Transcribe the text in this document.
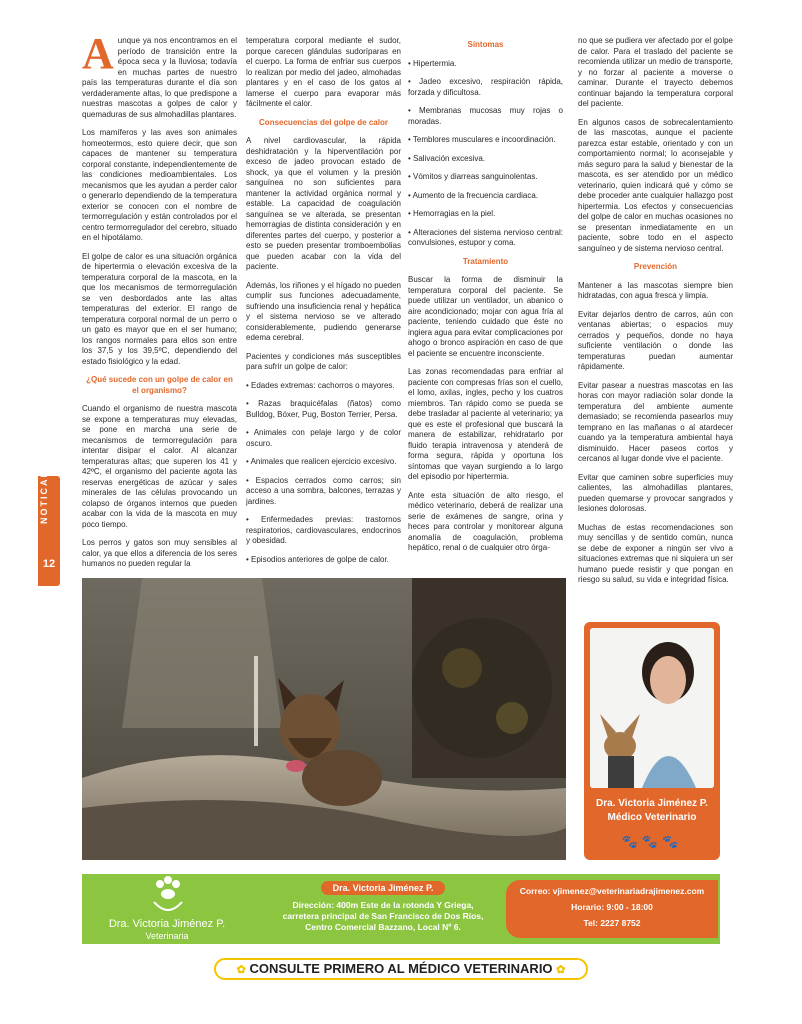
NOTICAN
12

Aunque ya nos encontramos en el período de transición entre la época seca y la lluviosa; todavía en muchas partes de nuestro país las temperaturas durante el día son verdaderamente altas, lo que predispone a nuestras mascotas a golpes de calor y quemaduras de sus almohadillas plantares.

Los mamíferos y las aves son animales homeotermos, esto quiere decir, que son capaces de mantener su temperatura corporal constante, independientemente de las condiciones medioambientales. Los mecanismos que les ayudan a perder calor o generarlo dependiendo de la temperatura exterior se conocen con el nombre de termorregulación y están controlados por el centro termorregulador del cerebro, situado en el hipotálamo.

El golpe de calor es una situación orgánica de hipertermia o elevación excesiva de la temperatura corporal de la mascota, en la que los mecanismos de termorregulación se ven desbordados ante las altas temperaturas del exterior. El rango de temperatura corporal normal de un perro o un gato es mayor que en el ser humano; los rangos normales para ellos son entre los 37,5 y los 39,5ºC, dependiendo del estado fisiológico y la edad.

¿Qué sucede con un golpe de calor en el organismo?

Cuando el organismo de nuestra mascota se expone a temperaturas muy elevadas, se pone en marcha una serie de mecanismos de termorregulación para intentar disipar el calor. Al alcanzar temperaturas altas; que superen los 41 y 42ºC, el organismo del paciente agota las reservas energéticas de azúcar y sales minerales de las células provocando un colapso de órganos internos que pueden acabar con la vida de la mascota en muy poco tiempo.

Los perros y gatos son muy sensibles al calor, ya que ellos a diferencia de los seres humanos no pueden regular la

temperatura corporal mediante el sudor, porque carecen glándulas sudoríparas en el cuerpo. La forma de enfriar sus cuerpos lo realizan por medio del jadeo, almohadas plantares y en el caso de los gatos al lamerse el cuerpo para evaporar más fácilmente el calor.

Consecuencias del golpe de calor

A nivel cardiovascular, la rápida deshidratación y la hiperventilación por exceso de jadeo provocan estado de shock, ya que el volumen y la presión sanguínea no son suficientes para mantener la actividad orgánica normal y estable. La capacidad de coagulación sanguínea se ve alterada, se presentan hemorragias de distinta consideración y en diferentes partes del cuerpo, y posterior a esto se pueden presentar tromboembolias que pueden acabar con la vida del paciente.

Además, los riñones y el hígado no pueden cumplir sus funciones adecuadamente, sufriendo una insuficiencia renal y hepática y el sistema nervioso se ve alterado considerablemente, pudiendo generarse edema cerebral.

Pacientes y condiciones más susceptibles para sufrir un golpe de calor:

• Edades extremas: cachorros o mayores.

• Razas braquicéfalas (ñatos) como Bulldog, Bóxer, Pug, Boston Terrier, Persa.

• Animales con pelaje largo y de color oscuro.

• Animales que realicen ejercicio excesivo.

• Espacios cerrados como carros; sin acceso a una sombra, balcones, terrazas y jardines.

• Enfermedades previas: trastornos respiratorios, cardiovasculares, endocrinos y obesidad.

• Episodios anteriores de golpe de calor.

Síntomas

• Hipertermia.

• Jadeo excesivo, respiración rápida, forzada y dificultosa.

• Membranas mucosas muy rojas o moradas.

• Temblores musculares e incoordinación.

• Salivación excesiva.

• Vómitos y diarreas sanguinolentas.

• Aumento de la frecuencia cardiaca.

• Hemorragias en la piel.

• Alteraciones del sistema nervioso central: convulsiones, estupor y coma.

Tratamiento

Buscar la forma de disminuir la temperatura corporal del paciente. Se puede utilizar un ventilador, un abanico o aire acondicionado; mojar con agua fría al paciente, teniendo cuidado que éste no ingiera agua para evitar complicaciones por ahogo o bronco aspiración en caso de que el paciente se encuentre inconsciente.

Las zonas recomendadas para enfriar al paciente con compresas frías son el cuello, el lomo, axilas, ingles, pecho y los cuatros miembros. Tan rápido como se pueda se debe trasladar al paciente al veterinario; ya que es este el profesional que buscará la manera de estabilizar, rehidratarlo por fluido terapia intravenosa y atenderá de forma segura, rápida y oportuna los síntomas que vayan surgiendo a lo largo del episodio por hipertermia.

Ante esta situación de alto riesgo, el médico veterinario, deberá de realizar una serie de exámenes de sangre, orina y heces para controlar y monitorear alguna anomalía de coagulación, problema hepático, renal o de cualquier otro órga-

no que se pudiera ver afectado por el golpe de calor. Para el traslado del paciente se recomienda utilizar un medio de transporte, y no forzar al paciente a moverse o caminar. Durante el trayecto debemos continuar bajando la temperatura corporal del paciente.

En algunos casos de sobrecalentamiento de las mascotas, aunque el paciente parezca estar estable, orientado y con un comportamiento normal; lo aconsejable y más seguro para la salud y bienestar de la mascota, es ser atendido por un médico veterinario, quien indicará qué y cómo se debe proceder ante cualquier hallazgo post hipertermia. Los efectos y consecuencias del golpe de calor en muchas ocasiones no se presentan inmediatamente en un paciente, sobre todo en el aspecto sanguíneo y de sistema nervioso central.

Prevención

Mantener a las mascotas siempre bien hidratadas, con agua fresca y limpia.

Evitar dejarlos dentro de carros, aún con ventanas abiertas; o espacios muy cerrados y pequeños, donde no haya suficiente ventilación o donde las temperaturas puedan aumentar rápidamente.

Evitar pasear a nuestras mascotas en las horas con mayor radiación solar donde la temperatura del ambiente aumente demasiado; se recomienda pasearlos muy temprano en las mañanas o al atardecer cuando ya la temperatura ambiental haya disminuido. Hacer paseos cortos y cercanos al lugar donde vive el paciente.

Evitar que caminen sobre superficies muy calientes, las almohadillas plantares, pueden quemarse y provocar sangrados y lesiones dolorosas.

Muchas de estas recomendaciones son muy sencillas y de sentido común, nunca se debe de exponer a ningún ser vivo a situaciones extremas que ni siquiera un ser humano puede resistir y que pongan en riesgo su salud, su vida e integridad física.

Dra. Victoria Jiménez P.
Médico Veterinario
🐾🐾🐾
Dra. Victoria Jiménez P.
Veterinaria
Dra. Victoria Jiménez P.
Dirección: 400m Este de la rotonda Y Griega,
carretera principal de San Francisco de Dos Ríos,
Centro Comercial Bazzano, Local Nº 6.
Correo: vjimenez@veterinariadrajimenez.com
Horario: 9:00 - 18:00
Tel: 2227 8752
✿ CONSULTE PRIMERO AL MÉDICO VETERINARIO ✿
